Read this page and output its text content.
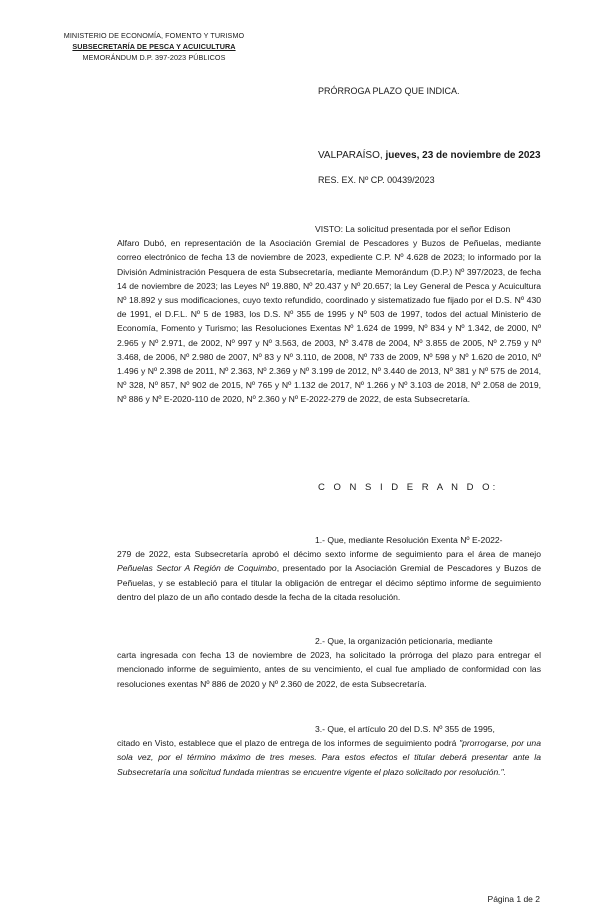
MINISTERIO DE ECONOMÍA, FOMENTO Y TURISMO
SUBSECRETARÍA DE PESCA Y ACUICULTURA
MEMORÁNDUM D.P. 397-2023 PÚBLICOS
PRÓRROGA PLAZO QUE INDICA.
VALPARAÍSO, jueves, 23 de noviembre de 2023
RES. EX. Nº CP. 00439/2023
VISTO: La solicitud presentada por el señor Edison
Alfaro Dubó, en representación de la Asociación Gremial de Pescadores y Buzos de Peñuelas, mediante correo electrónico de fecha 13 de noviembre de 2023, expediente C.P. Nº 4.628 de 2023; lo informado por la División Administración Pesquera de esta Subsecretaría, mediante Memorándum (D.P.) Nº 397/2023, de fecha 14 de noviembre de 2023; las Leyes Nº 19.880, Nº 20.437 y Nº 20.657; la Ley General de Pesca y Acuicultura Nº 18.892 y sus modificaciones, cuyo texto refundido, coordinado y sistematizado fue fijado por el D.S. Nº 430 de 1991, el D.F.L. Nº 5 de 1983, los D.S. Nº 355 de 1995 y Nº 503 de 1997, todos del actual Ministerio de Economía, Fomento y Turismo; las Resoluciones Exentas Nº 1.624 de 1999, Nº 834 y Nº 1.342, de 2000, Nº 2.965 y Nº 2.971, de 2002, Nº 997 y Nº 3.563, de 2003, Nº 3.478 de 2004, Nº 3.855 de 2005, Nº 2.759 y Nº 3.468, de 2006, Nº 2.980 de 2007, Nº 83 y Nº 3.110, de 2008, Nº 733 de 2009, Nº 598 y Nº 1.620 de 2010, Nº 1.496 y Nº 2.398 de 2011, Nº 2.363, Nº 2.369 y Nº 3.199 de 2012, Nº 3.440 de 2013, Nº 381 y Nº 575 de 2014, Nº 328, Nº 857, Nº 902 de 2015, Nº 765 y Nº 1.132 de 2017, Nº 1.266 y Nº 3.103 de 2018, Nº 2.058 de 2019, Nº 886 y Nº E-2020-110 de 2020, Nº 2.360 y Nº E-2022-279 de 2022, de esta Subsecretaría.
C O N S I D E R A N D O:
1.- Que, mediante Resolución Exenta Nº E-2022-
279 de 2022, esta Subsecretaría aprobó el décimo sexto informe de seguimiento para el área de manejo Peñuelas Sector A Región de Coquimbo, presentado por la Asociación Gremial de Pescadores y Buzos de Peñuelas, y se estableció para el titular la obligación de entregar el décimo séptimo informe de seguimiento dentro del plazo de un año contado desde la fecha de la citada resolución.
2.- Que, la organización peticionaria, mediante
carta ingresada con fecha 13 de noviembre de 2023, ha solicitado la prórroga del plazo para entregar el mencionado informe de seguimiento, antes de su vencimiento, el cual fue ampliado de conformidad con las resoluciones exentas Nº 886 de 2020 y Nº 2.360 de 2022, de esta Subsecretaría.
3.- Que, el artículo 20 del D.S. Nº 355 de 1995,
citado en Visto, establece que el plazo de entrega de los informes de seguimiento podrá "prorrogarse, por una sola vez, por el término máximo de tres meses. Para estos efectos el titular deberá presentar ante la Subsecretaría una solicitud fundada mientras se encuentre vigente el plazo solicitado por resolución.".
Página 1 de 2
